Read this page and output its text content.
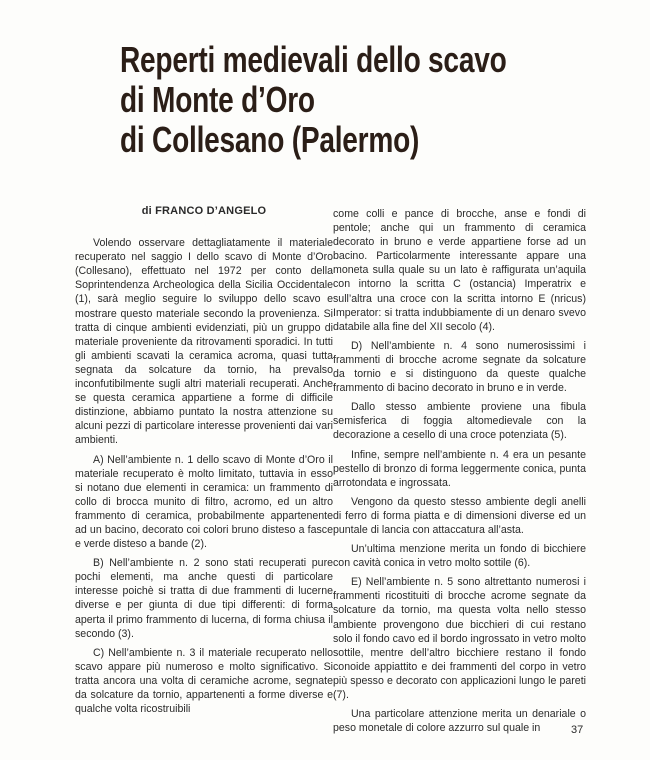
Reperti medievali dello scavo
di Monte d’Oro
di Collesano (Palermo)
di FRANCO D’ANGELO

Volendo osservare dettagliatamente il materiale recuperato nel saggio I dello scavo di Monte d’Oro (Collesano), effettuato nel 1972 per conto della Soprintendenza Archeologica della Sicilia Occidentale (1), sarà meglio seguire lo sviluppo dello scavo e mostrare questo materiale secondo la provenienza. Si tratta di cinque ambienti evidenziati, più un gruppo di materiale proveniente da ritrovamenti sporadici. In tutti gli ambienti scavati la ceramica acroma, quasi tutta segnata da solcature da tornio, ha prevalso inconfutibilmente sugli altri materiali recuperati. Anche se questa ceramica appartiene a forme di difficile distinzione, abbiamo puntato la nostra attenzione su alcuni pezzi di particolare interesse provenienti dai vari ambienti.

A) Nell’ambiente n. 1 dello scavo di Monte d’Oro il materiale recuperato è molto limitato, tuttavia in esso si notano due elementi in ceramica: un frammento di collo di brocca munito di filtro, acromo, ed un altro frammento di ceramica, probabilmente appartenente ad un bacino, decorato coi colori bruno disteso a fasce e verde disteso a bande (2).

B) Nell’ambiente n. 2 sono stati recuperati pure pochi elementi, ma anche questi di particolare interesse poichè si tratta di due frammenti di lucerne diverse e per giunta di due tipi differenti: di forma aperta il primo frammento di lucerna, di forma chiusa il secondo (3).

C) Nell’ambiente n. 3 il materiale recuperato nello scavo appare più numeroso e molto significativo. Si tratta ancora una volta di ceramiche acrome, segnate da solcature da tornio, appartenenti a forme diverse e qualche volta ricostruibili

come colli e pance di brocche, anse e fondi di pentole; anche qui un frammento di ceramica decorato in bruno e verde appartiene forse ad un bacino. Particolarmente interessante appare una moneta sulla quale su un lato è raffigurata un’aquila con intorno la scritta C (ostancia) Imperatrix e sull’altra una croce con la scritta intorno E (nricus) Imperator: si tratta indubbiamente di un denaro svevo databile alla fine del XII secolo (4).

D) Nell’ambiente n. 4 sono numerosissimi i frammenti di brocche acrome segnate da solcature da tornio e si distinguono da queste qualche frammento di bacino decorato in bruno e in verde.

Dallo stesso ambiente proviene una fibula semisferica di foggia altomedievale con la decorazione a cesello di una croce potenziata (5).

Infine, sempre nell’ambiente n. 4 era un pesante pestello di bronzo di forma leggermente conica, punta arrotondata e ingrossata.

Vengono da questo stesso ambiente degli anelli di ferro di forma piatta e di dimensioni diverse ed un puntale di lancia con attaccatura all’asta.

Un’ultima menzione merita un fondo di bicchiere con cavità conica in vetro molto sottile (6).

E) Nell’ambiente n. 5 sono altrettanto numerosi i frammenti ricostituiti di brocche acrome segnate da solcature da tornio, ma questa volta nello stesso ambiente provengono due bicchieri di cui restano solo il fondo cavo ed il bordo ingrossato in vetro molto sottile, mentre dell’altro bicchiere restano il fondo conoide appiattito e dei frammenti del corpo in vetro più spesso e decorato con applicazioni lungo le pareti (7).

Una particolare attenzione merita un denariale o peso monetale di colore azzurro sul quale in	37
